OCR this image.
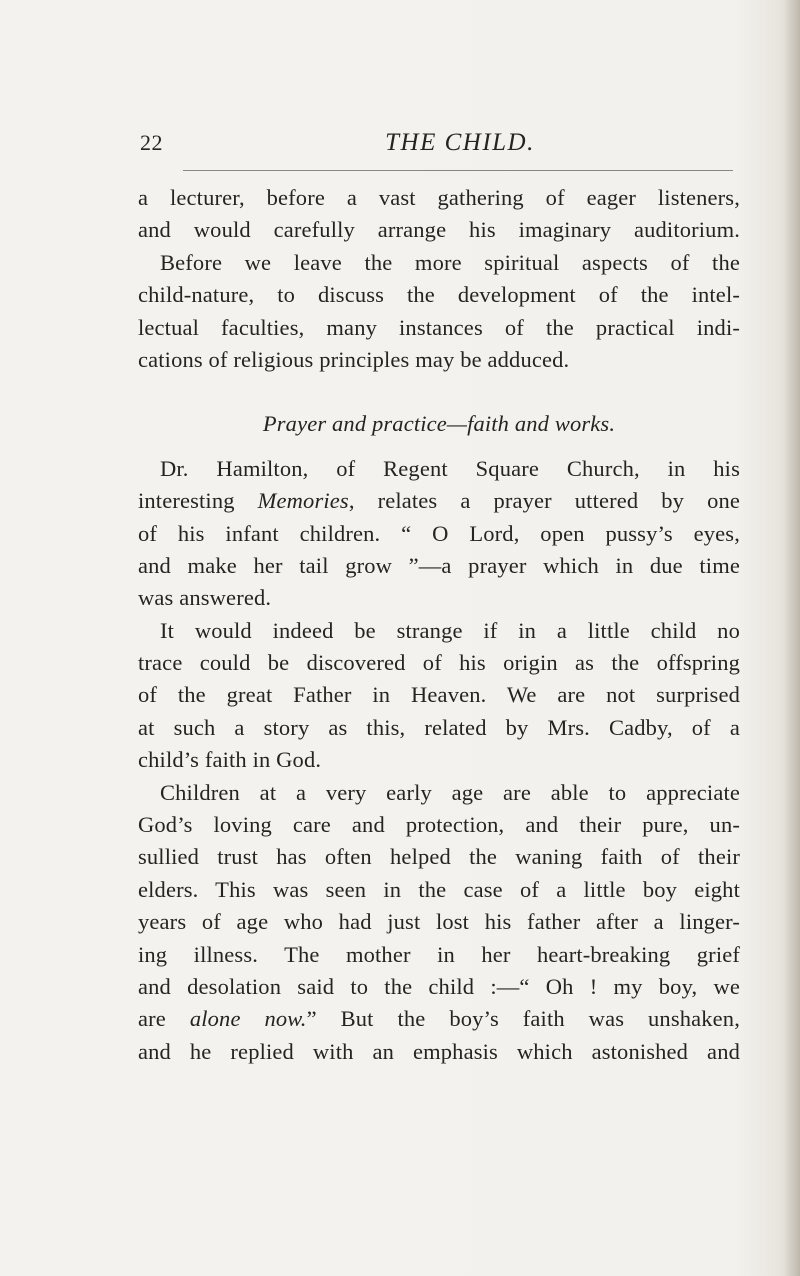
22	THE CHILD.
a lecturer, before a vast gathering of eager listeners,
and would carefully arrange his imaginary auditorium.
Before we leave the more spiritual aspects of the
child-nature, to discuss the development of the intel-
lectual faculties, many instances of the practical indi-
cations of religious principles may be adduced.
Prayer and practice—faith and works.
Dr. Hamilton, of Regent Square Church, in his
interesting Memories, relates a prayer uttered by one
of his infant children. “ O Lord, open pussy’s eyes,
and make her tail grow ”—a prayer which in due time
was answered.
It would indeed be strange if in a little child no
trace could be discovered of his origin as the offspring
of the great Father in Heaven. We are not surprised
at such a story as this, related by Mrs. Cadby, of a
child’s faith in God.
Children at a very early age are able to appreciate
God’s loving care and protection, and their pure, un-
sullied trust has often helped the waning faith of their
elders. This was seen in the case of a little boy eight
years of age who had just lost his father after a linger-
ing illness. The mother in her heart-breaking grief
and desolation said to the child :—“ Oh ! my boy, we
are alone now.” But the boy’s faith was unshaken,
and he replied with an emphasis which astonished and
